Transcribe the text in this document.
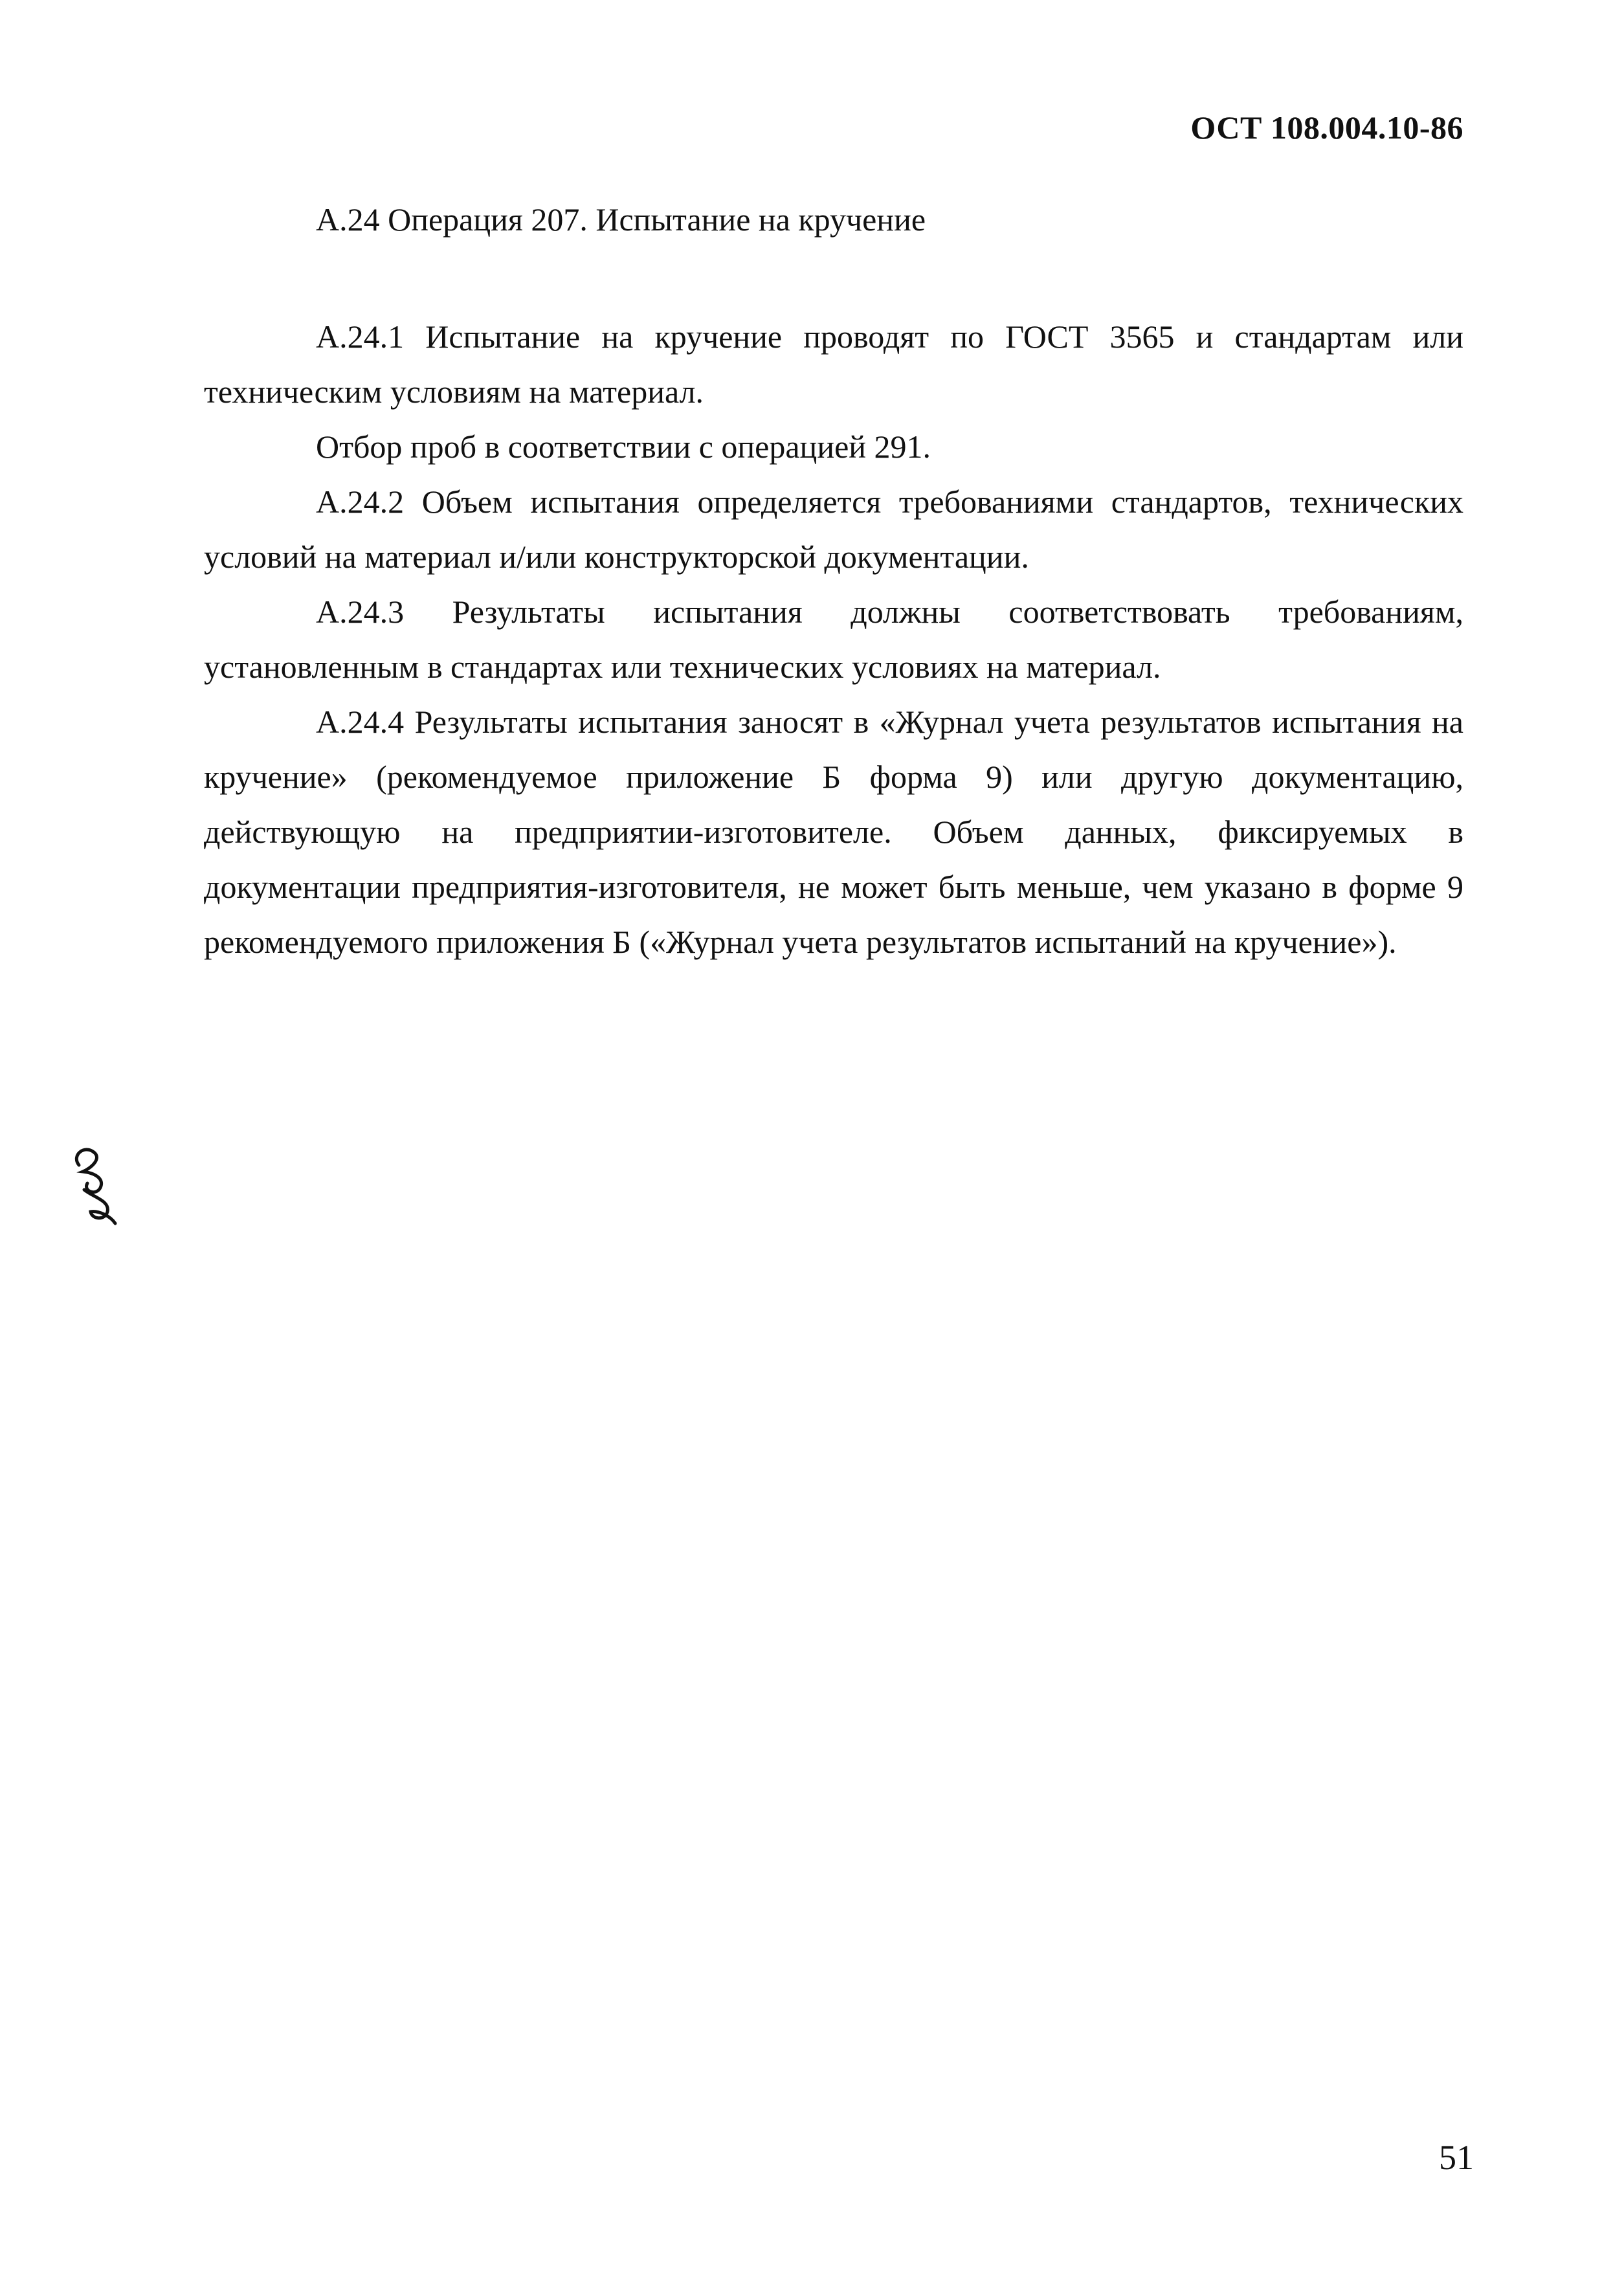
ОСТ 108.004.10-86
А.24 Операция 207. Испытание на кручение

А.24.1 Испытание на кручение проводят по ГОСТ 3565 и стандартам или техническим условиям на материал.

Отбор проб в соответствии с операцией 291.

А.24.2 Объем испытания определяется требованиями стандартов, технических условий на материал и/или конструкторской документации.

А.24.3 Результаты испытания должны соответствовать требованиям, установленным в стандартах или технических условиях на материал.

А.24.4 Результаты испытания заносят в «Журнал учета результатов испытания на кручение» (рекомендуемое приложение Б форма 9) или другую документацию, действующую на предприятии-изготовителе. Объем данных, фиксируемых в документации предприятия-изготовителя, не может быть меньше, чем указано в форме 9 рекомендуемого приложения Б («Журнал учета результатов испытаний на кручение»).

51
